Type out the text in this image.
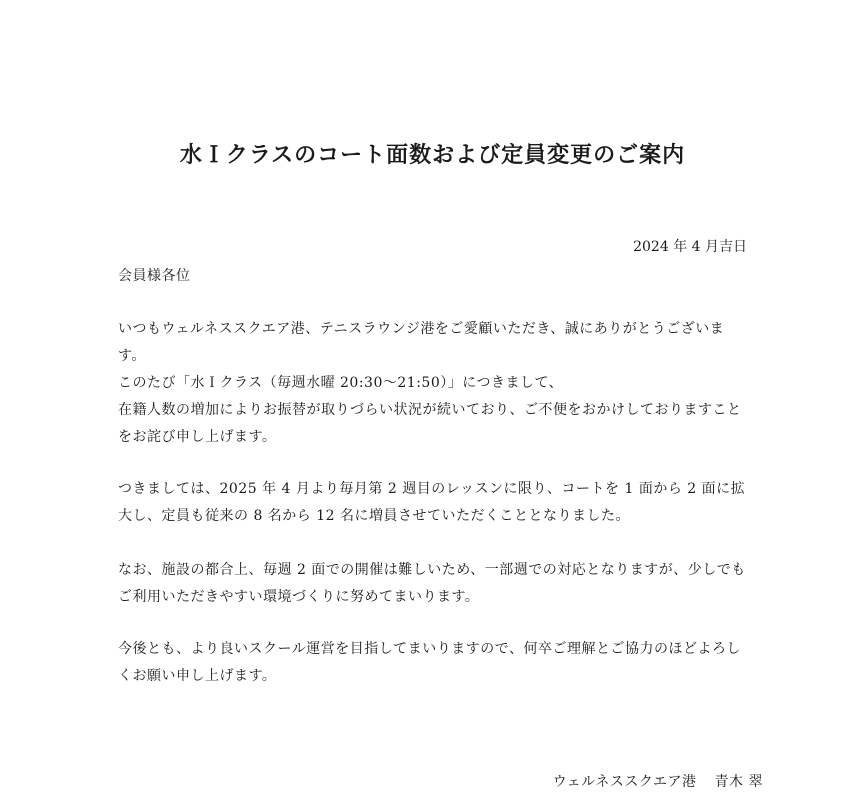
水Ｉクラスのコート面数および定員変更のご案内
2024 年 4 月吉日

会員様各位

いつもウェルネススクエア港、テニスラウンジ港をご愛顧いただき、誠にありがとうございます。
このたび「水Ｉクラス（毎週水曜 20:30〜21:50）」につきまして、
在籍人数の増加によりお振替が取りづらい状況が続いており、ご不便をおかけしておりますことをお詫び申し上げます。

つきましては、2025 年 4 月より毎月第 2 週目のレッスンに限り、コートを 1 面から 2 面に拡大し、定員も従来の 8 名から 12 名に増員させていただくこととなりました。

なお、施設の都合上、毎週 2 面での開催は難しいため、一部週での対応となりますが、少しでもご利用いただきやすい環境づくりに努めてまいります。

今後とも、より良いスクール運営を目指してまいりますので、何卒ご理解とご協力のほどよろしくお願い申し上げます。

ウェルネススクエア港 青木 翠
